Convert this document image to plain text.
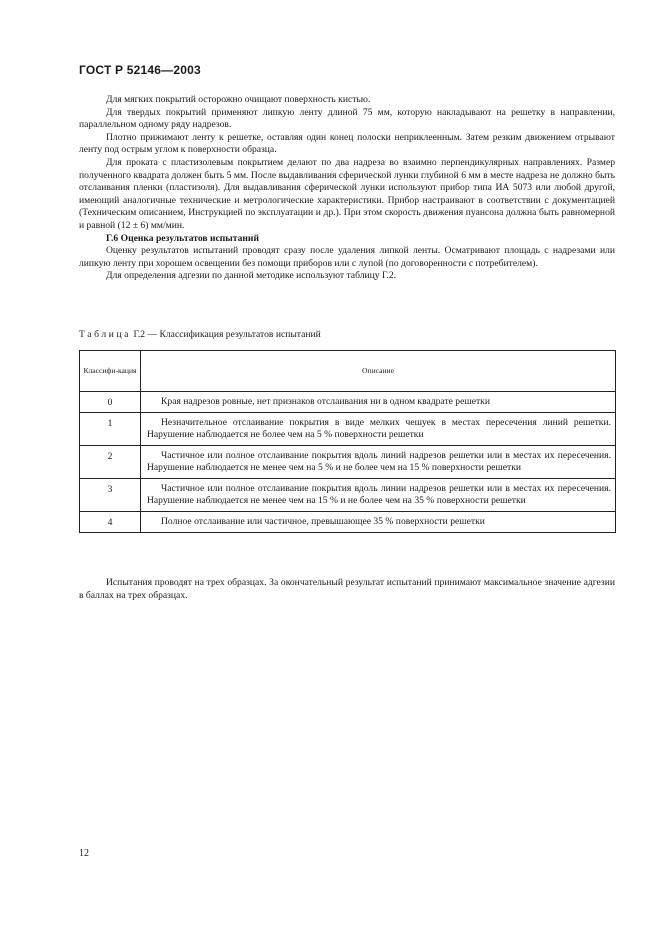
ГОСТ Р 52146—2003

Для мягких покрытий осторожно очищают поверхность кистью.

Для твердых покрытий применяют липкую ленту длиной 75 мм, которую накладывают на решетку в направлении, параллельном одному ряду надрезов.

Плотно прижимают ленту к решетке, оставляя один конец полоски неприклеенным. Затем резким движением отрывают ленту под острым углом к поверхности образца.

Для проката с пластизолевым покрытием делают по два надреза во взаимно перпендикулярных направлениях. Размер полученного квадрата должен быть 5 мм. После выдавливания сферической лунки глубиной 6 мм в месте надреза не должно быть отслаивания пленки (пластизоля). Для выдавливания сферической лунки используют прибор типа ИА 5073 или любой другой, имеющий аналогичные технические и метрологические характеристики. Прибор настраивают в соответствии с документацией (Техническим описанием, Инструкцией по эксплуатации и др.). При этом скорость движения пуансона должна быть равномерной и равной (12 ± 6) мм/мин.

Г.6 Оценка результатов испытаний

Оценку результатов испытаний проводят сразу после удаления липкой ленты. Осматривают площадь с надрезами или липкую ленту при хорошем освещении без помощи приборов или с лупой (по договоренности с потребителем).

Для определения адгезии по данной методике используют таблицу Г.2.

Таблица Г.2 — Классификация результатов испытаний
Классифи-кация	Описание
0	Края надрезов ровные, нет признаков отслаивания ни в одном квадрате решетки

1	Незначительное отслаивание покрытия в виде мелких чешуек в местах пересечения линий решетки. Нарушение наблюдается не более чем на 5 % поверхности решетки

2	Частичное или полное отслаивание покрытия вдоль линий надрезов решетки или в местах их пересечения. Нарушение наблюдается не менее чем на 5 % и не более чем на 15 % поверхности решетки

3	Частичное или полное отслаивание покрытия вдоль линии надрезов решетки или в местах их пересечения. Нарушение наблюдается не менее чем на 15 % и не более чем на 35 % поверхности решетки

4	Полное отслаивание или частичное, превышающее 35 % поверхности решетки

Испытания проводят на трех образцах. За окончательный результат испытаний принимают максимальное значение адгезии в баллах на трех образцах.

12
